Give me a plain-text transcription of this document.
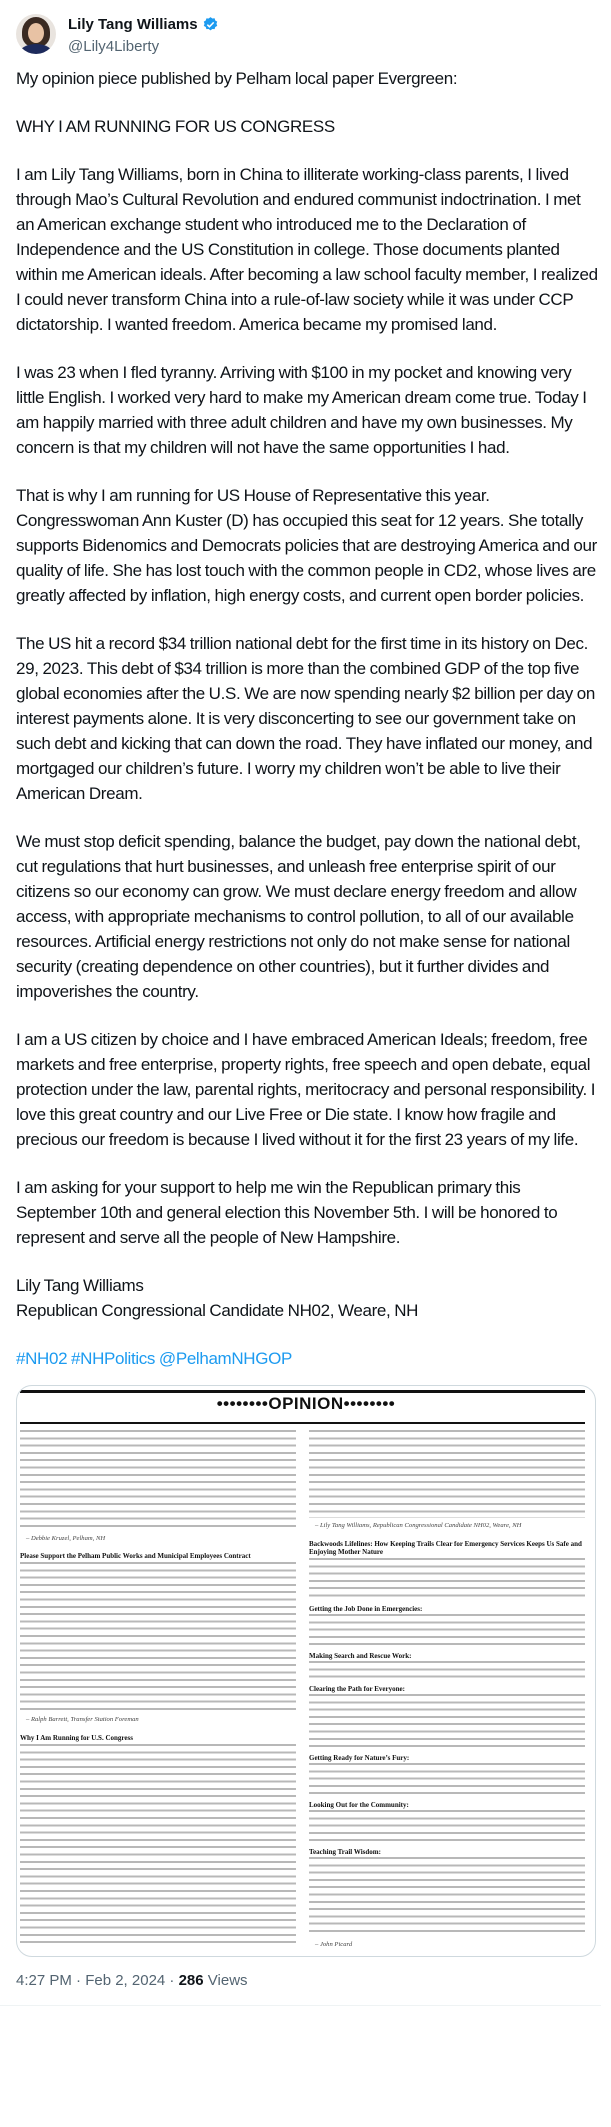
Lily Tang Williams
@Lily4Liberty

My opinion piece published by Pelham local paper Evergreen:

WHY I AM RUNNING FOR US CONGRESS

I am Lily Tang Williams, born in China to illiterate working-class parents, I lived through Mao’s Cultural Revolution and endured communist indoctrination. I met an American exchange student who introduced me to the Declaration of Independence and the US Constitution in college. Those documents planted within me American ideals. After becoming a law school faculty member, I realized I could never transform China into a rule-of-law society while it was under CCP dictatorship. I wanted freedom. America became my promised land.

I was 23 when I fled tyranny. Arriving with $100 in my pocket and knowing very little English. I worked very hard to make my American dream come true. Today I am happily married with three adult children and have my own businesses. My concern is that my children will not have the same opportunities I had.

That is why I am running for US House of Representative this year. Congresswoman Ann Kuster (D) has occupied this seat for 12 years. She totally supports Bidenomics and Democrats policies that are destroying America and our quality of life. She has lost touch with the common people in CD2, whose lives are greatly affected by inflation, high energy costs, and current open border policies.

The US hit a record $34 trillion national debt for the first time in its history on Dec. 29, 2023. This debt of $34 trillion is more than the combined GDP of the top five global economies after the U.S. We are now spending nearly $2 billion per day on interest payments alone. It is very disconcerting to see our government take on such debt and kicking that can down the road. They have inflated our money, and mortgaged our children’s future. I worry my children won’t be able to live their American Dream.

We must stop deficit spending, balance the budget, pay down the national debt, cut regulations that hurt businesses, and unleash free enterprise spirit of our citizens so our economy can grow. We must declare energy freedom and allow access, with appropriate mechanisms to control pollution, to all of our available resources. Artificial energy restrictions not only do not make sense for national security (creating dependence on other countries), but it further divides and impoverishes the country.

I am a US citizen by choice and I have embraced American Ideals; freedom, free markets and free enterprise, property rights, free speech and open debate, equal protection under the law, parental rights, meritocracy and personal responsibility. I love this great country and our Live Free or Die state. I know how fragile and precious our freedom is because I lived without it for the first 23 years of my life.

I am asking for your support to help me win the Republican primary this September 10th and general election this November 5th. I will be honored to represent and serve all the people of New Hampshire.

Lily Tang Williams
Republican Congressional Candidate NH02, Weare, NH

#NH02 #NHPolitics @PelhamNHGOP

••••••••OPINION••••••••
– Debbie Kruzel, Pelham, NH
Please Support the Pelham Public Works and Municipal Employees Contract
– Ralph Barrett, Transfer Station Foreman
Why I Am Running for U.S. Congress
– Lily Tang Williams, Republican Congressional Candidate NH02, Weare, NH
Backwoods Lifelines: How Keeping Trails Clear for Emergency Services Keeps Us Safe and Enjoying Mother Nature
Getting the Job Done in Emergencies:
Making Search and Rescue Work:
Clearing the Path for Everyone:
Getting Ready for Nature’s Fury:
Looking Out for the Community:
Teaching Trail Wisdom:
– John Picard
4:27 PM · Feb 2, 2024 · 286 Views
